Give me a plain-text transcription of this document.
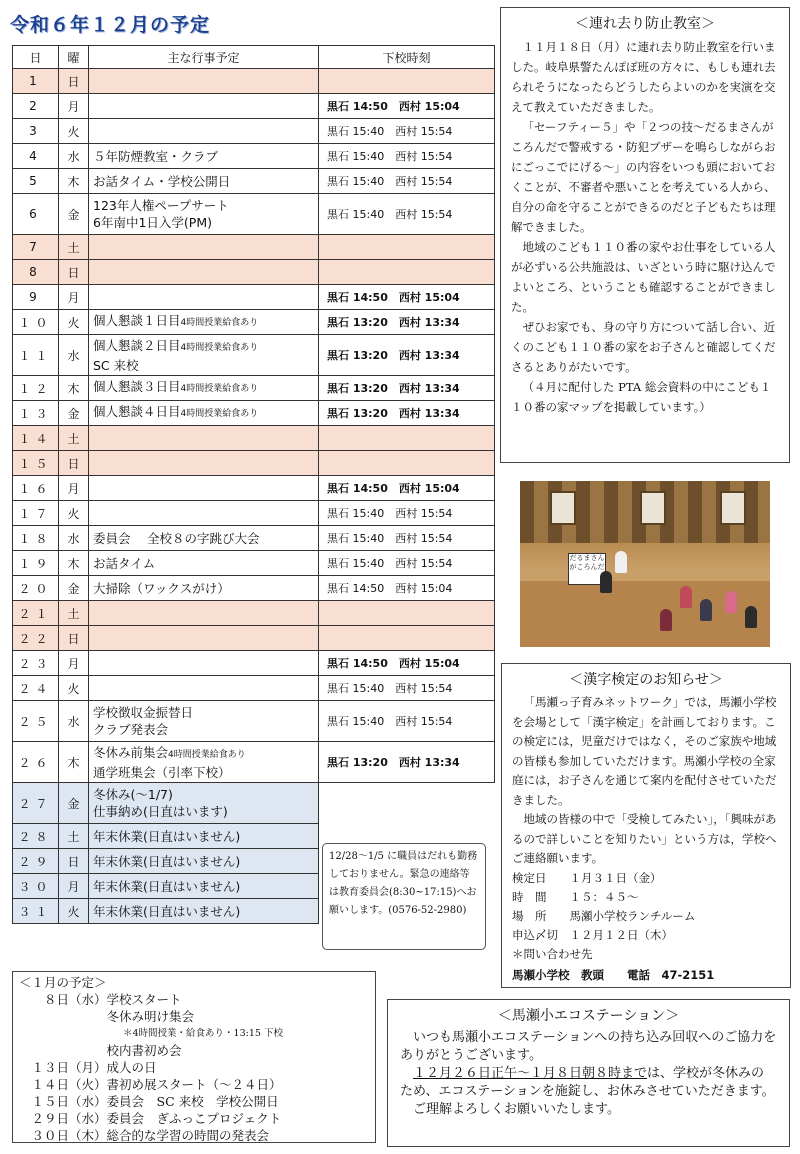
令和６年１２月の予定
日	曜	主な行事予定	下校時刻
1	日	

2	月		黒石 14:50　西村 15:04
3	火		黒石 15:40　西村 15:54
4	水	５年防煙教室・クラブ	黒石 15:40　西村 15:54
5	木	お話タイム・学校公開日	黒石 15:40　西村 15:54
6	金	123年人権ペープサート
6年南中1日入学(PM)	黒石 15:40　西村 15:54
7	土	

8	日	

9	月		黒石 14:50　西村 15:04
１０	火	個人懇談１日目4時間授業給食あり	黒石 13:20　西村 13:34
１１	水	個人懇談２日目4時間授業給食あり
SC 来校	黒石 13:20　西村 13:34
１２	木	個人懇談３日目4時間授業給食あり	黒石 13:20　西村 13:34
１３	金	個人懇談４日目4時間授業給食あり	黒石 13:20　西村 13:34
１４	土	

１５	日	

１６	月		黒石 14:50　西村 15:04
１７	火		黒石 15:40　西村 15:54
１８	水	委員会　 全校８の字跳び大会	黒石 15:40　西村 15:54
１９	木	お話タイム	黒石 15:40　西村 15:54
２０	金	大掃除（ワックスがけ）	黒石 14:50　西村 15:04
２１	土	

２２	日	

２３	月		黒石 14:50　西村 15:04
２４	火		黒石 15:40　西村 15:54
２５	水	学校徴収金振替日
クラブ発表会	黒石 15:40　西村 15:54
２６	木	冬休み前集会4時間授業給食あり
通学班集会（引率下校）	黒石 13:20　西村 13:34
２７	金	冬休み(～1/7)
仕事納め(日直はいます)	

２８	土	年末休業(日直はいません)	

２９	日	年末休業(日直はいません)	

３０	月	年末休業(日直はいません)	

３１	火	年末休業(日直はいません)	

12/28～1/5 に職員はだれも勤務しておりません。緊急の連絡等は教育委員会(8:30~17:15)へお願いします。(0576-52-2980)
＜連れ去り防止教室＞

１１月１８日（月）に連れ去り防止教室を行いました。岐阜県警たんぽぽ班の方々に、もしも連れ去られそうになったらどうしたらよいのかを実演を交えて教えていただきました。

「セーフティー５」や「２つの技～だるまさんがころんだで警戒する・防犯ブザーを鳴らしながらおにごっこでにげる～」の内容をいつも頭においておくことが、不審者や悪いことを考えている人から、自分の命を守ることができるのだと子どもたちは理解できました。

地域のこども１１０番の家やお仕事をしている人が必ずいる公共施設は、いざという時に駆け込んでよいところ、ということも確認することができました。

ぜひお家でも、身の守り方について話し合い、近くのこども１１０番の家をお子さんと確認してくださるとありがたいです。

（４月に配付した PTA 総会資料の中にこども１１０番の家マップを掲載しています。）

だるまさんがころんだ
＜漢字検定のお知らせ＞

「馬瀬っ子育みネットワーク」では，馬瀬小学校を会場として「漢字検定」を計画しております。この検定には，児童だけではなく，そのご家族や地域の皆様も参加していただけます。馬瀬小学校の全家庭には，お子さんを通じて案内を配付させていただきました。

地域の皆様の中で「受検してみたい」，「興味があるので詳しいことを知りたい」という方は，学校へご連絡願います。

検定日　　１月３１日（金）

時　間　　１５：４５～

場　所　　馬瀬小学校ランチルーム

申込〆切　１２月１２日（木）

＊問い合わせ先

馬瀬小学校　教頭　　電話　47-2151

＜１月の予定＞

　　８日（水）学校スタート

　　　　　　　冬休み明け集会

＊4時間授業・給食あり・13:15 下校

　　　　　　　校内書初め会

　１３日（月）成人の日

　１４日（火）書初め展スタート（～２４日）

　１５日（水）委員会　SC 来校　学校公開日

　２９日（水）委員会　ぎふっこプロジェクト

　３０日（木）総合的な学習の時間の発表会

＜馬瀬小エコステーション＞

いつも馬瀬小エコステーションへの持ち込み回収へのご協力をありがとうございます。

１２月２６日正午～１月８日朝８時までは、学校が冬休みのため、エコステーションを施錠し、お休みさせていただきます。

ご理解よろしくお願いいたします。
